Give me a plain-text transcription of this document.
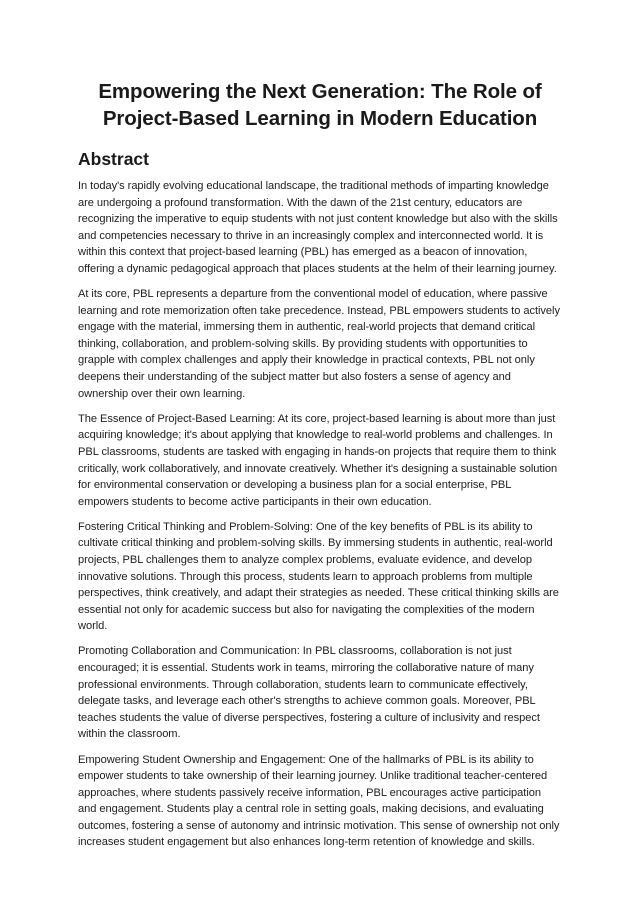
Empowering the Next Generation: The Role of Project-Based Learning in Modern Education
Abstract

In today's rapidly evolving educational landscape, the traditional methods of imparting knowledge are undergoing a profound transformation. With the dawn of the 21st century, educators are recognizing the imperative to equip students with not just content knowledge but also with the skills and competencies necessary to thrive in an increasingly complex and interconnected world. It is within this context that project-based learning (PBL) has emerged as a beacon of innovation, offering a dynamic pedagogical approach that places students at the helm of their learning journey.

At its core, PBL represents a departure from the conventional model of education, where passive learning and rote memorization often take precedence. Instead, PBL empowers students to actively engage with the material, immersing them in authentic, real-world projects that demand critical thinking, collaboration, and problem-solving skills. By providing students with opportunities to grapple with complex challenges and apply their knowledge in practical contexts, PBL not only deepens their understanding of the subject matter but also fosters a sense of agency and ownership over their own learning.

The Essence of Project-Based Learning: At its core, project-based learning is about more than just acquiring knowledge; it's about applying that knowledge to real-world problems and challenges. In PBL classrooms, students are tasked with engaging in hands-on projects that require them to think critically, work collaboratively, and innovate creatively. Whether it's designing a sustainable solution for environmental conservation or developing a business plan for a social enterprise, PBL empowers students to become active participants in their own education.

Fostering Critical Thinking and Problem-Solving: One of the key benefits of PBL is its ability to cultivate critical thinking and problem-solving skills. By immersing students in authentic, real-world projects, PBL challenges them to analyze complex problems, evaluate evidence, and develop innovative solutions. Through this process, students learn to approach problems from multiple perspectives, think creatively, and adapt their strategies as needed. These critical thinking skills are essential not only for academic success but also for navigating the complexities of the modern world.

Promoting Collaboration and Communication: In PBL classrooms, collaboration is not just encouraged; it is essential. Students work in teams, mirroring the collaborative nature of many professional environments. Through collaboration, students learn to communicate effectively, delegate tasks, and leverage each other's strengths to achieve common goals. Moreover, PBL teaches students the value of diverse perspectives, fostering a culture of inclusivity and respect within the classroom.

Empowering Student Ownership and Engagement: One of the hallmarks of PBL is its ability to empower students to take ownership of their learning journey. Unlike traditional teacher-centered approaches, where students passively receive information, PBL encourages active participation and engagement. Students play a central role in setting goals, making decisions, and evaluating outcomes, fostering a sense of autonomy and intrinsic motivation. This sense of ownership not only increases student engagement but also enhances long-term retention of knowledge and skills.
